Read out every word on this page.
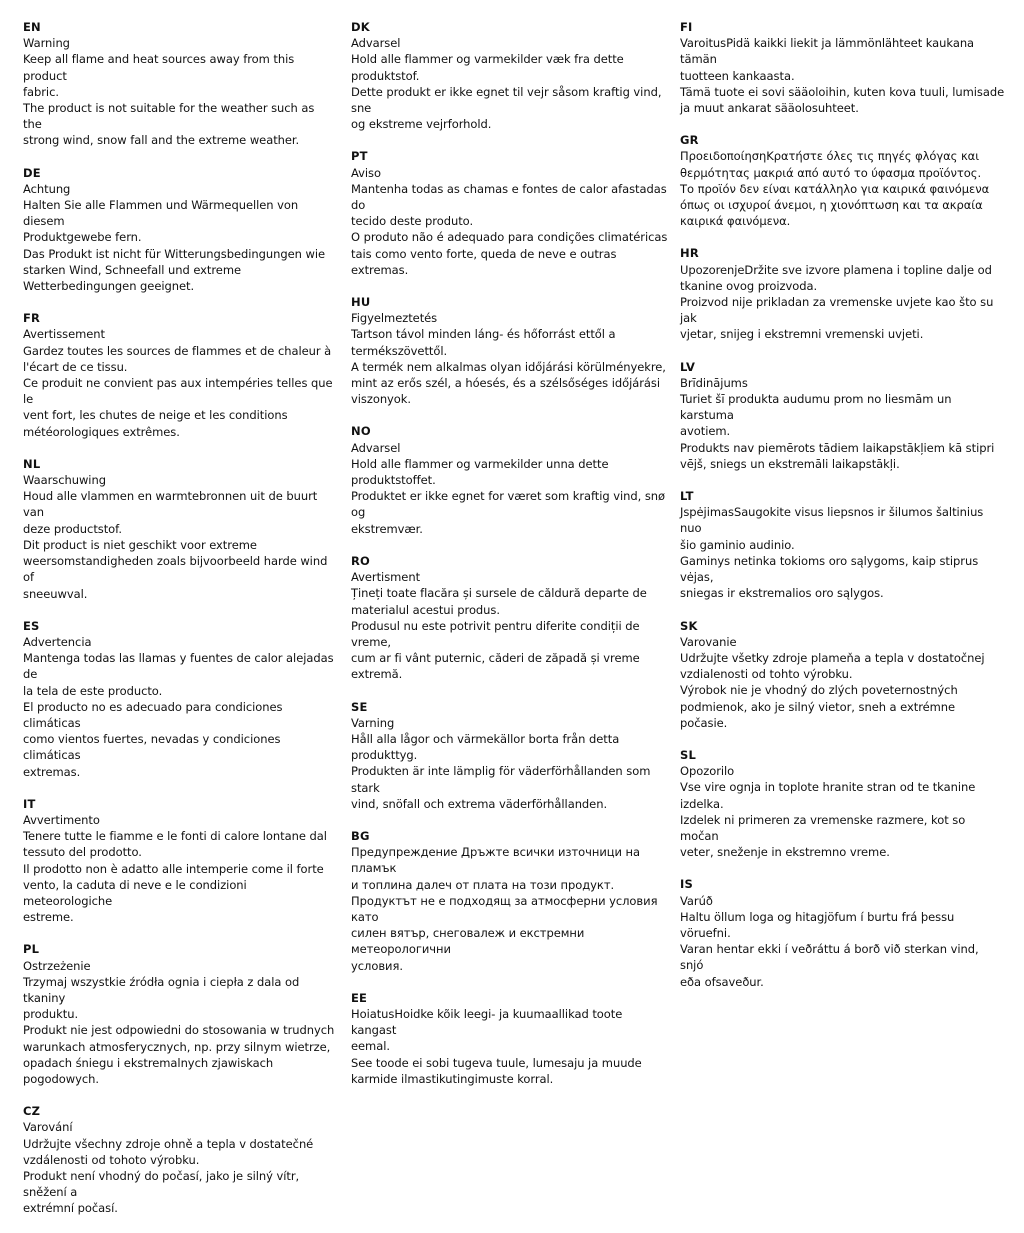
EN
Warning
Keep all flame and heat sources away from this product
fabric.
The product is not suitable for the weather such as the
strong wind, snow fall and the extreme weather.
DE
Achtung
Halten Sie alle Flammen und Wärmequellen von diesem
Produktgewebe fern.
Das Produkt ist nicht für Witterungsbedingungen wie
starken Wind, Schneefall und extreme
Wetterbedingungen geeignet.
FR
Avertissement
Gardez toutes les sources de flammes et de chaleur à
l'écart de ce tissu.
Ce produit ne convient pas aux intempéries telles que le
vent fort, les chutes de neige et les conditions
météorologiques extrêmes.
NL
Waarschuwing
Houd alle vlammen en warmtebronnen uit de buurt van
deze productstof.
Dit product is niet geschikt voor extreme
weersomstandigheden zoals bijvoorbeeld harde wind of
sneeuwval.
ES
Advertencia
Mantenga todas las llamas y fuentes de calor alejadas de
la tela de este producto.
El producto no es adecuado para condiciones climáticas
como vientos fuertes, nevadas y condiciones climáticas
extremas.
IT
Avvertimento
Tenere tutte le fiamme e le fonti di calore lontane dal
tessuto del prodotto.
Il prodotto non è adatto alle intemperie come il forte
vento, la caduta di neve e le condizioni meteorologiche
estreme.
PL
Ostrzeżenie
Trzymaj wszystkie źródła ognia i ciepła z dala od tkaniny
produktu.
Produkt nie jest odpowiedni do stosowania w trudnych
warunkach atmosferycznych, np. przy silnym wietrze,
opadach śniegu i ekstremalnych zjawiskach pogodowych.
CZ
Varování
Udržujte všechny zdroje ohně a tepla v dostatečné
vzdálenosti od tohoto výrobku.
Produkt není vhodný do počasí, jako je silný vítr, sněžení a
extrémní počasí.
DK
Advarsel
Hold alle flammer og varmekilder væk fra dette
produktstof.
Dette produkt er ikke egnet til vejr såsom kraftig vind, sne
og ekstreme vejrforhold.
PT
Aviso
Mantenha todas as chamas e fontes de calor afastadas do
tecido deste produto.
O produto não é adequado para condições climatéricas
tais como vento forte, queda de neve e outras extremas.
HU
Figyelmeztetés
Tartson távol minden láng- és hőforrást ettől a
termékszövettől.
A termék nem alkalmas olyan időjárási körülményekre,
mint az erős szél, a hóesés, és a szélsőséges időjárási
viszonyok.
NO
Advarsel
Hold alle flammer og varmekilder unna dette
produktstoffet.
Produktet er ikke egnet for været som kraftig vind, snø og
ekstremvær.
RO
Avertisment
Țineți toate flacăra și sursele de căldură departe de
materialul acestui produs.
Produsul nu este potrivit pentru diferite condiții de vreme,
cum ar fi vânt puternic, căderi de zăpadă și vreme
extremă.
SE
Varning
Håll alla lågor och värmekällor borta från detta
produkttyg.
Produkten är inte lämplig för väderförhållanden som stark
vind, snöfall och extrema väderförhållanden.
BG
Предупреждение Дръжте всички източници на пламък
и топлина далеч от плата на този продукт.
Продуктът не е подходящ за атмосферни условия като
силен вятър, снеговалеж и екстремни метеорологични
условия.
EE
HoiatusHoidke kõik leegi- ja kuumaallikad toote kangast
eemal.
See toode ei sobi tugeva tuule, lumesaju ja muude
karmide ilmastikutingimuste korral.
FI
VaroitusPidä kaikki liekit ja lämmönlähteet kaukana tämän
tuotteen kankaasta.
Tämä tuote ei sovi sääoloihin, kuten kova tuuli, lumisade
ja muut ankarat sääolosuhteet.
GR
ΠροειδοποίησηΚρατήστε όλες τις πηγές φλόγας και
θερμότητας μακριά από αυτό το ύφασμα προϊόντος.
Το προϊόν δεν είναι κατάλληλο για καιρικά φαινόμενα
όπως οι ισχυροί άνεμοι, η χιονόπτωση και τα ακραία
καιρικά φαινόμενα.
HR
UpozorenjeDržite sve izvore plamena i topline dalje od
tkanine ovog proizvoda.
Proizvod nije prikladan za vremenske uvjete kao što su jak
vjetar, snijeg i ekstremni vremenski uvjeti.
LV
Brīdinājums
Turiet šī produkta audumu prom no liesmām un karstuma
avotiem.
Produkts nav piemērots tādiem laikapstākļiem kā stipri
vējš, sniegs un ekstremāli laikapstākļi.
LT
JspėjimasSaugokite visus liepsnos ir šilumos šaltinius nuo
šio gaminio audinio.
Gaminys netinka tokioms oro sąlygoms, kaip stiprus vėjas,
sniegas ir ekstremalios oro sąlygos.
SK
Varovanie
Udržujte všetky zdroje plameňa a tepla v dostatočnej
vzdialenosti od tohto výrobku.
Výrobok nie je vhodný do zlých poveternostných
podmienok, ako je silný vietor, sneh a extrémne počasie.
SL
Opozorilo
Vse vire ognja in toplote hranite stran od te tkanine
izdelka.
Izdelek ni primeren za vremenske razmere, kot so močan
veter, sneženje in ekstremno vreme.
IS
Varúð
Haltu öllum loga og hitagjöfum í burtu frá þessu vöruefni.
Varan hentar ekki í veðráttu á borð við sterkan vind, snjó
eða ofsaveður.
